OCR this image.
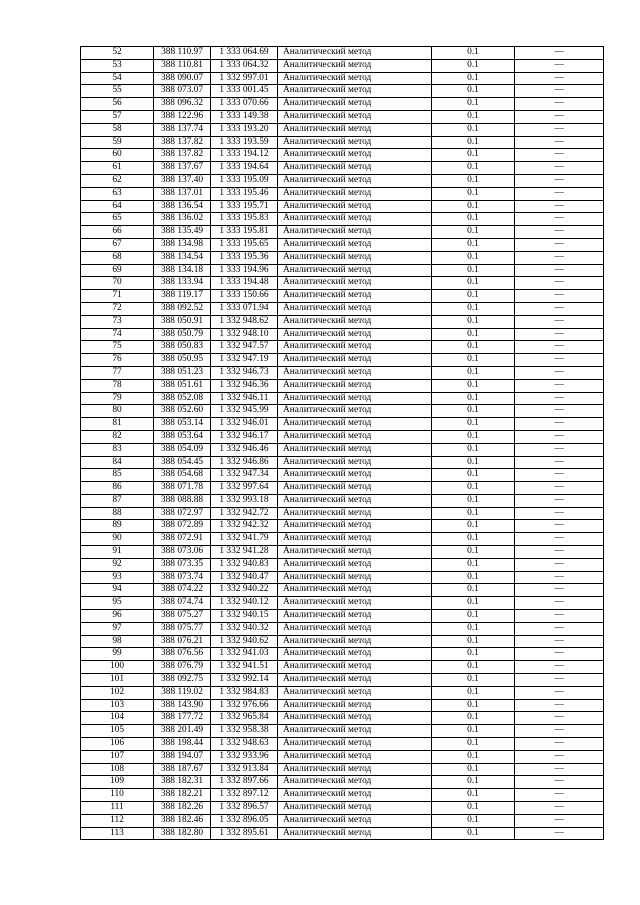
52	388 110.97	1 333 064.69	Аналитический метод	0.1	—
53	388 110.81	1 333 064.32	Аналитический метод	0.1	—
54	388 090.07	1 332 997.01	Аналитический метод	0.1	—
55	388 073.07	1 333 001.45	Аналитический метод	0.1	—
56	388 096.32	1 333 070.66	Аналитический метод	0.1	—
57	388 122.96	1 333 149.38	Аналитический метод	0.1	—
58	388 137.74	1 333 193.20	Аналитический метод	0.1	—
59	388 137.82	1 333 193.59	Аналитический метод	0.1	—
60	388 137.82	1 333 194.12	Аналитический метод	0.1	—
61	388 137.67	1 333 194.64	Аналитический метод	0.1	—
62	388 137.40	1 333 195.09	Аналитический метод	0.1	—
63	388 137.01	1 333 195.46	Аналитический метод	0.1	—
64	388 136.54	1 333 195.71	Аналитический метод	0.1	—
65	388 136.02	1 333 195.83	Аналитический метод	0.1	—
66	388 135.49	1 333 195.81	Аналитический метод	0.1	—
67	388 134.98	1 333 195.65	Аналитический метод	0.1	—
68	388 134.54	1 333 195.36	Аналитический метод	0.1	—
69	388 134.18	1 333 194.96	Аналитический метод	0.1	—
70	388 133.94	1 333 194.48	Аналитический метод	0.1	—
71	388 119.17	1 333 150.66	Аналитический метод	0.1	—
72	388 092.52	1 333 071.94	Аналитический метод	0.1	—
73	388 050.91	1 332 948.62	Аналитический метод	0.1	—
74	388 050.79	1 332 948.10	Аналитический метод	0.1	—
75	388 050.83	1 332 947.57	Аналитический метод	0.1	—
76	388 050.95	1 332 947.19	Аналитический метод	0.1	—
77	388 051.23	1 332 946.73	Аналитический метод	0.1	—
78	388 051.61	1 332 946.36	Аналитический метод	0.1	—
79	388 052.08	1 332 946.11	Аналитический метод	0.1	—
80	388 052.60	1 332 945.99	Аналитический метод	0.1	—
81	388 053.14	1 332 946.01	Аналитический метод	0.1	—
82	388 053.64	1 332 946.17	Аналитический метод	0.1	—
83	388 054.09	1 332 946.46	Аналитический метод	0.1	—
84	388 054.45	1 332 946.86	Аналитический метод	0.1	—
85	388 054.68	1 332 947.34	Аналитический метод	0.1	—
86	388 071.78	1 332 997.64	Аналитический метод	0.1	—
87	388 088.88	1 332 993.18	Аналитический метод	0.1	—
88	388 072.97	1 332 942.72	Аналитический метод	0.1	—
89	388 072.89	1 332 942.32	Аналитический метод	0.1	—
90	388 072.91	1 332 941.79	Аналитический метод	0.1	—
91	388 073.06	1 332 941.28	Аналитический метод	0.1	—
92	388 073.35	1 332 940.83	Аналитический метод	0.1	—
93	388 073.74	1 332 940.47	Аналитический метод	0.1	—
94	388 074.22	1 332 940.22	Аналитический метод	0.1	—
95	388 074.74	1 332 940.12	Аналитический метод	0.1	—
96	388 075.27	1 332 940.15	Аналитический метод	0.1	—
97	388 075.77	1 332 940.32	Аналитический метод	0.1	—
98	388 076.21	1 332 940.62	Аналитический метод	0.1	—
99	388 076.56	1 332 941.03	Аналитический метод	0.1	—
100	388 076.79	1 332 941.51	Аналитический метод	0.1	—
101	388 092.75	1 332 992.14	Аналитический метод	0.1	—
102	388 119.02	1 332 984.83	Аналитический метод	0.1	—
103	388 143.90	1 332 976.66	Аналитический метод	0.1	—
104	388 177.72	1 332 965.84	Аналитический метод	0.1	—
105	388 201.49	1 332 958.38	Аналитический метод	0.1	—
106	388 198.44	1 332 948.63	Аналитический метод	0.1	—
107	388 194.07	1 332 933.96	Аналитический метод	0.1	—
108	388 187.67	1 332 913.84	Аналитический метод	0.1	—
109	388 182.31	1 332 897.66	Аналитический метод	0.1	—
110	388 182.21	1 332 897.12	Аналитический метод	0.1	—
111	388 182.26	1 332 896.57	Аналитический метод	0.1	—
112	388 182.46	1 332 896.05	Аналитический метод	0.1	—
113	388 182.80	1 332 895.61	Аналитический метод	0.1	—
